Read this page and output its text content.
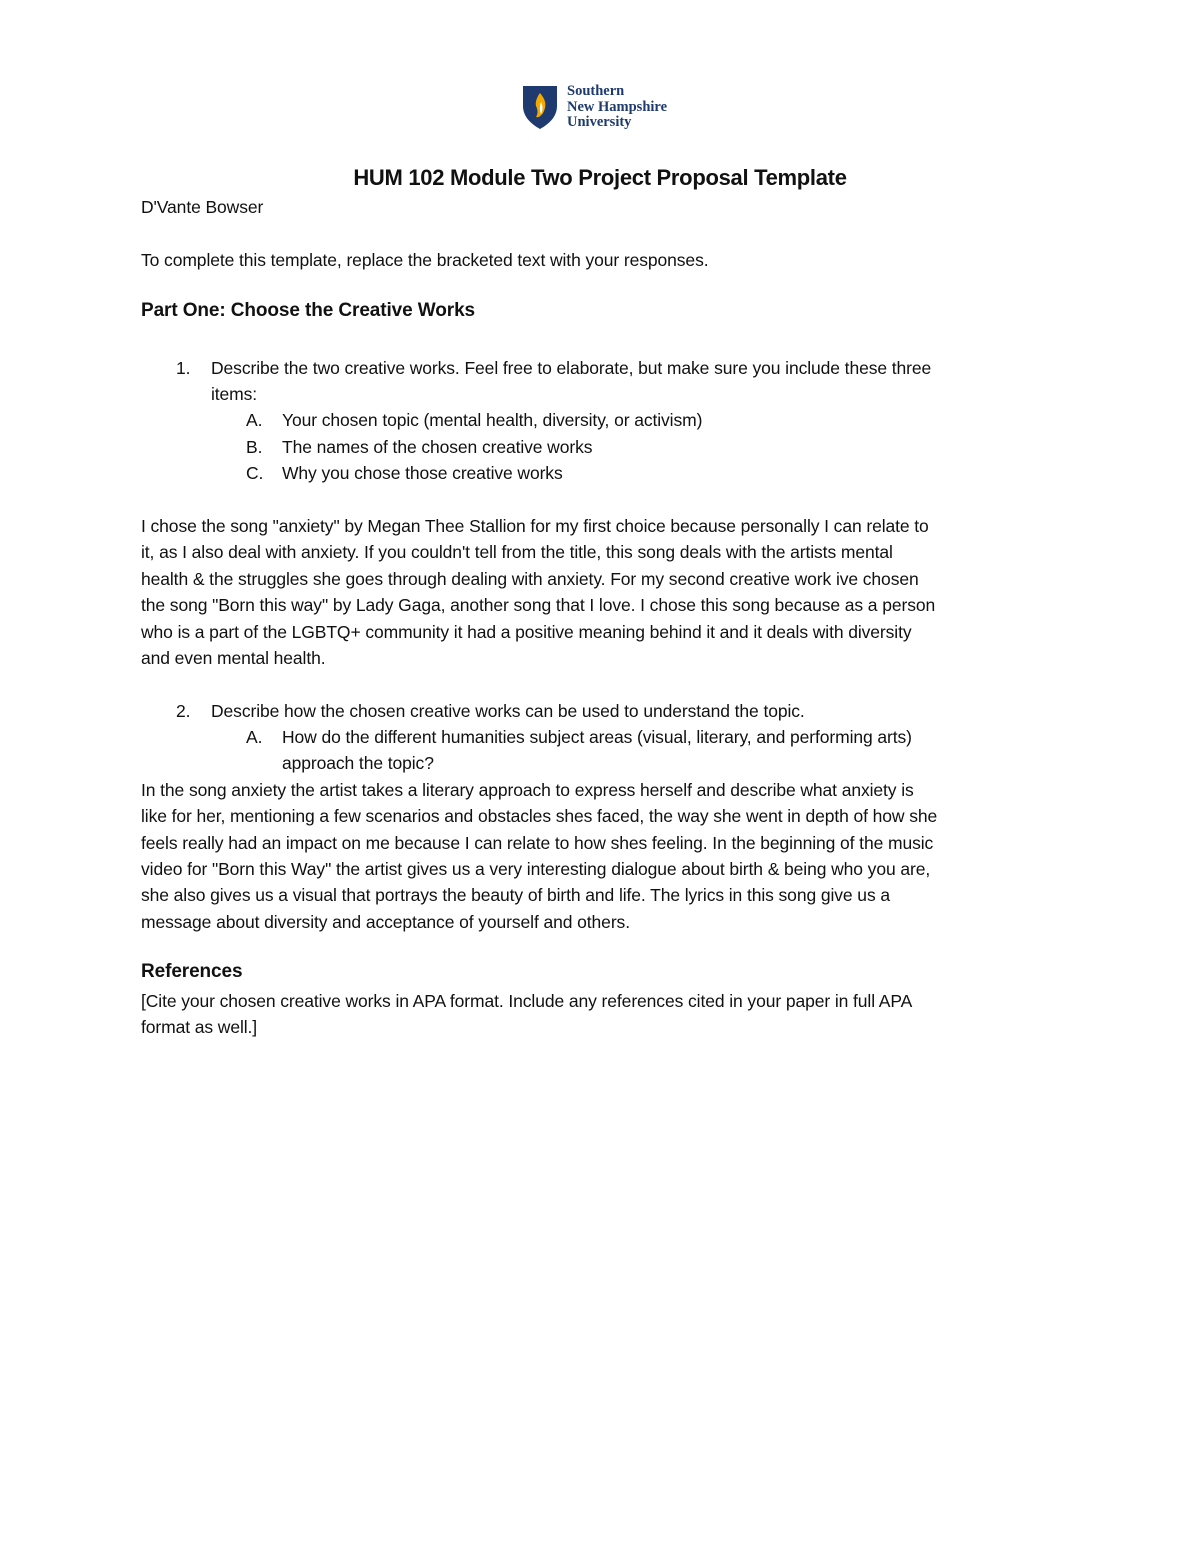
Southern
New Hampshire
University
HUM 102 Module Two Project Proposal Template
D'Vante Bowser
To complete this template, replace the bracketed text with your responses.
Part One: Choose the Creative Works
1. Describe the two creative works. Feel free to elaborate, but make sure you include these three
items:
A. Your chosen topic (mental health, diversity, or activism)
B. The names of the chosen creative works
C. Why you chose those creative works
I chose the song "anxiety" by Megan Thee Stallion for my first choice because personally I can relate to
it, as I also deal with anxiety. If you couldn't tell from the title, this song deals with the artists mental
health & the struggles she goes through dealing with anxiety. For my second creative work ive chosen
the song "Born this way" by Lady Gaga, another song that I love. I chose this song because as a person
who is a part of the LGBTQ+ community it had a positive meaning behind it and it deals with diversity
and even mental health.
2. Describe how the chosen creative works can be used to understand the topic.
A. How do the different humanities subject areas (visual, literary, and performing arts)
approach the topic?
In the song anxiety the artist takes a literary approach to express herself and describe what anxiety is
like for her, mentioning a few scenarios and obstacles shes faced, the way she went in depth of how she
feels really had an impact on me because I can relate to how shes feeling. In the beginning of the music
video for "Born this Way" the artist gives us a very interesting dialogue about birth & being who you are,
she also gives us a visual that portrays the beauty of birth and life. The lyrics in this song give us a
message about diversity and acceptance of yourself and others.
References
[Cite your chosen creative works in APA format. Include any references cited in your paper in full APA
format as well.]
